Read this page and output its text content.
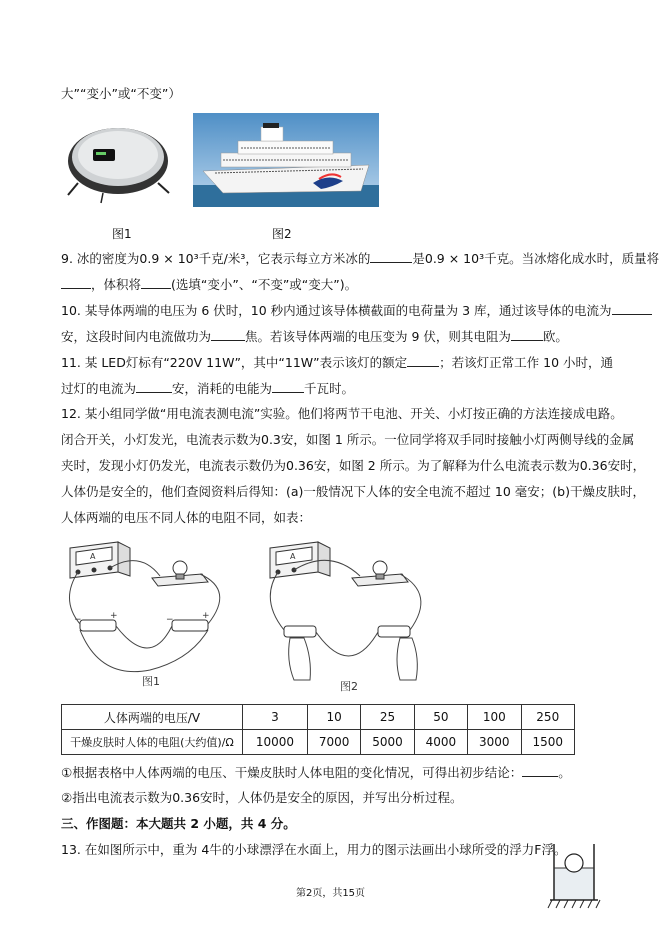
大”“变小”或“不变”）
图1	图2
9. 冰的密度为0.9 × 10³千克/米³，它表示每立方米冰的	是0.9 × 10³千克。当冰熔化成水时，质量将
，体积将 (选填“变小”、“不变”或“变大”)。
10. 某导体两端的电压为 6 伏时，10 秒内通过该导体横截面的电荷量为 3 库，通过该导体的电流为
安，这段时间内电流做功为	焦。若该导体两端的电压变为 9 伏，则其电阻为	欧。
11. 某 LED灯标有“220V 11W”，其中“11W”表示该灯的额定	；若该灯正常工作 10 小时，通
过灯的电流为	安，消耗的电能为	千瓦时。
12. 某小组同学做“用电流表测电流”实验。他们将两节干电池、开关、小灯按正确的方法连接成电路。
闭合开关，小灯发光，电流表示数为0.3安，如图 1 所示。一位同学将双手同时接触小灯两侧导线的金属
夹时，发现小灯仍发光，电流表示数仍为0.36安，如图 2 所示。为了解释为什么电流表示数为0.36安时，
人体仍是安全的，他们查阅资料后得知：(a)一般情况下人体的安全电流不超过 10 毫安；(b)干燥皮肤时，
人体两端的电压不同人体的电阻不同，如表：
A
−	+	−	+
图1
A
图2
人体两端的电压/V	3	10	25	50	100	250
干燥皮肤时人体的电阻(大约值)/Ω	10000	7000	5000	4000	3000	1500
①根据表格中人体两端的电压、干燥皮肤时人体电阻的变化情况，可得出初步结论：	。
②指出电流表示数为0.36安时，人体仍是安全的原因，并写出分析过程。
三、作图题：本大题共 2 小题，共 4 分。
13. 在如图所示中，重为 4牛的小球漂浮在水面上，用力的图示法画出小球所受的浮力F浮。
第2页，共15页
